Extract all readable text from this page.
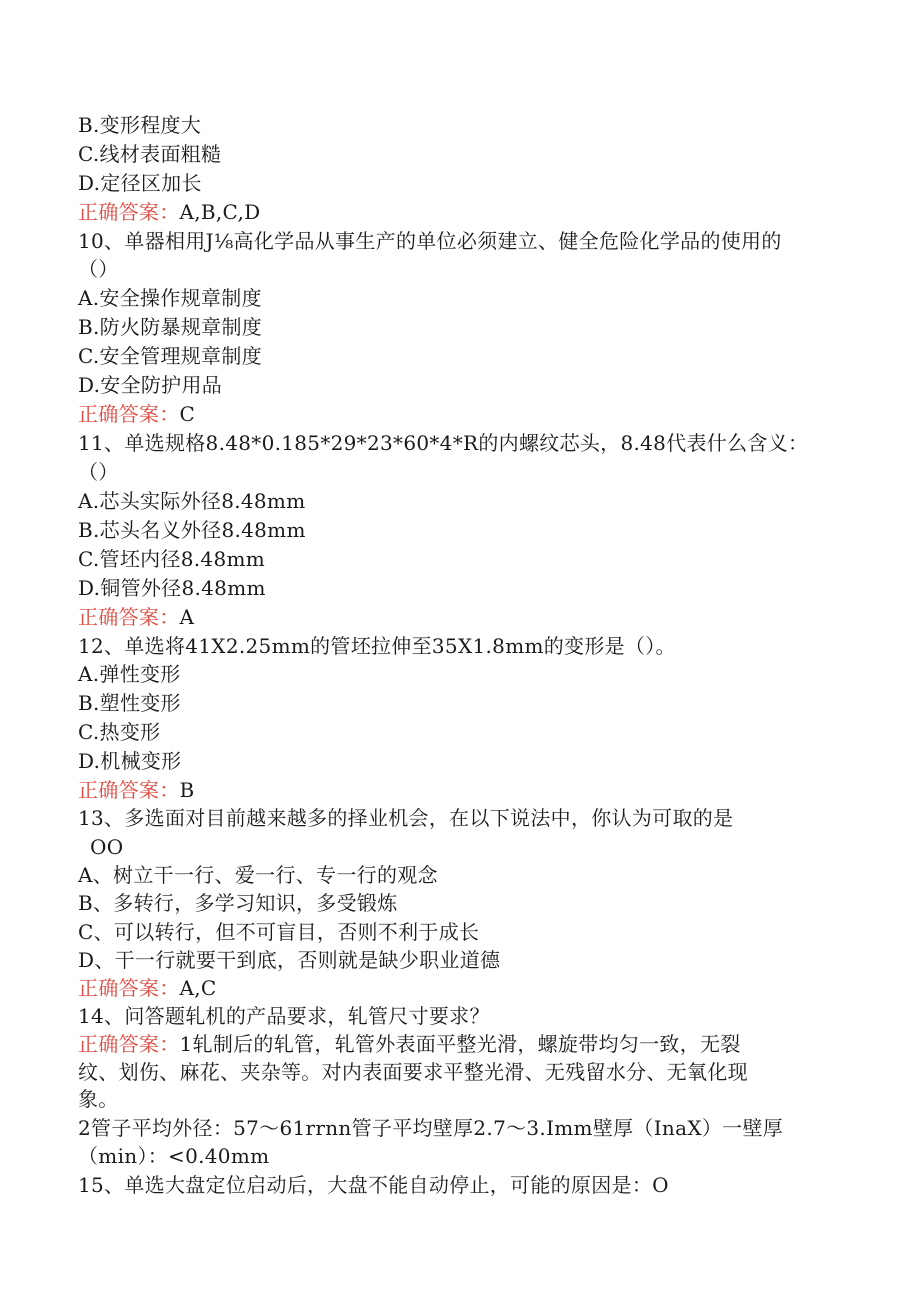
B.变形程度大
C.线材表面粗糙
D.定径区加长
正确答案：A,B,C,D
10、单器相用J⅛高化学品从事生产的单位必须建立、健全危险化学品的使用的
（）
A.安全操作规章制度
B.防火防暴规章制度
C.安全管理规章制度
D.安全防护用品
正确答案：C
11、单选规格8.48*0.185*29*23*60*4*R的内螺纹芯头，8.48代表什么含义：
（）
A.芯头实际外径8.48mm
B.芯头名义外径8.48mm
C.管坯内径8.48mm
D.铜管外径8.48mm
正确答案：A
12、单选将41X2.25mm的管坯拉伸至35X1.8mm的变形是（）。
A.弹性变形
B.塑性变形
C.热变形
D.机械变形
正确答案：B
13、多选面对目前越来越多的择业机会，在以下说法中，你认为可取的是
OO
A、树立干一行、爱一行、专一行的观念
B、多转行，多学习知识，多受锻炼
C、可以转行，但不可盲目，否则不利于成长
D、干一行就要干到底，否则就是缺少职业道德
正确答案：A,C
14、问答题轧机的产品要求，轧管尺寸要求？
正确答案：1轧制后的轧管，轧管外表面平整光滑，螺旋带均匀一致，无裂
纹、划伤、麻花、夹杂等。对内表面要求平整光滑、无残留水分、无氧化现
象。
2管子平均外径：57～61rrnn管子平均壁厚2.7～3.Imm壁厚（InaX）一壁厚
（min）：<0.40mm
15、单选大盘定位启动后，大盘不能自动停止，可能的原因是：O
